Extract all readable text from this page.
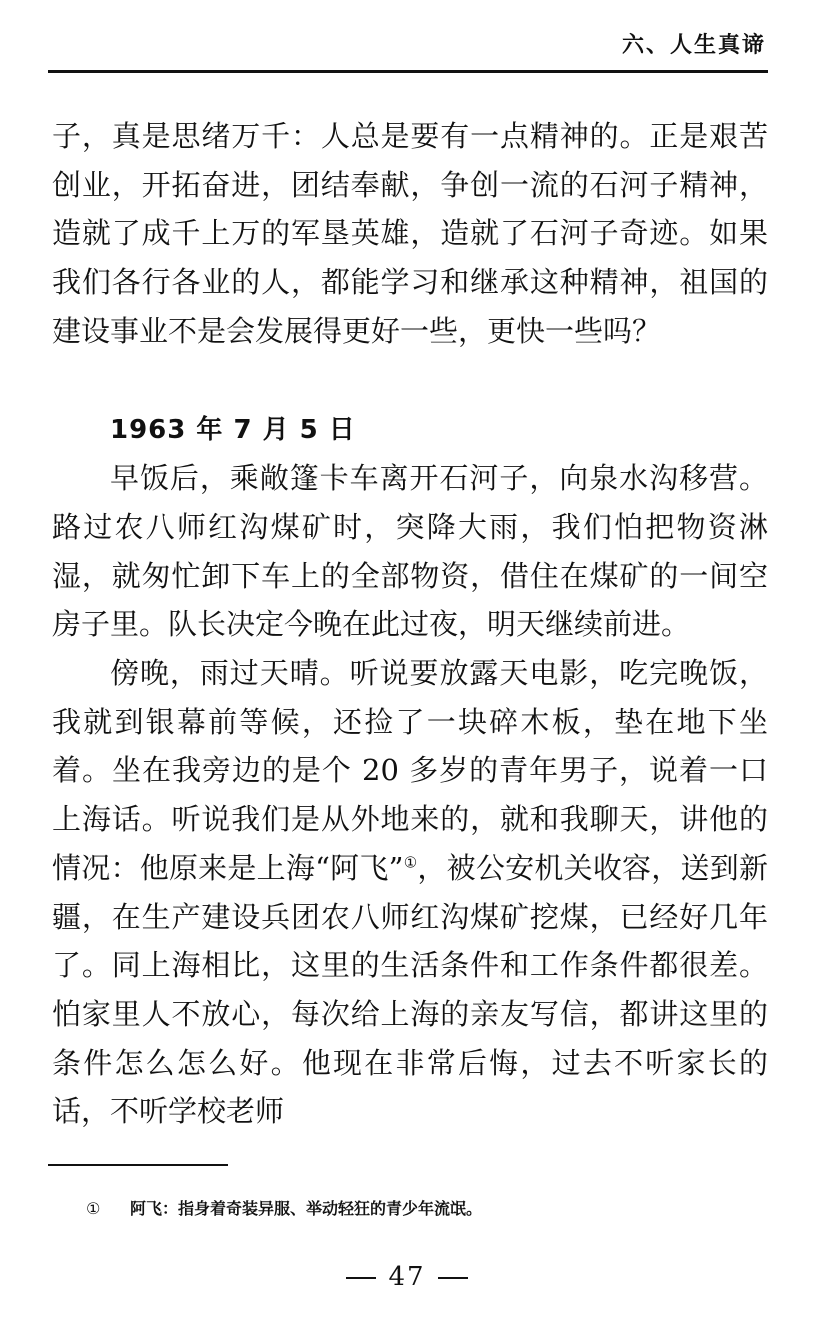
六、人生真谛

子，真是思绪万千：人总是要有一点精神的。正是艰苦创业，开拓奋进，团结奉献，争创一流的石河子精神，造就了成千上万的军垦英雄，造就了石河子奇迹。如果我们各行各业的人，都能学习和继承这种精神，祖国的建设事业不是会发展得更好一些，更快一些吗？

1963 年 7 月 5 日

早饭后，乘敞篷卡车离开石河子，向泉水沟移营。路过农八师红沟煤矿时，突降大雨，我们怕把物资淋湿，就匆忙卸下车上的全部物资，借住在煤矿的一间空房子里。队长决定今晚在此过夜，明天继续前进。

傍晚，雨过天晴。听说要放露天电影，吃完晚饭，我就到银幕前等候，还捡了一块碎木板，垫在地下坐着。坐在我旁边的是个 20 多岁的青年男子，说着一口上海话。听说我们是从外地来的，就和我聊天，讲他的情况：他原来是上海“阿飞”①，被公安机关收容，送到新疆，在生产建设兵团农八师红沟煤矿挖煤，已经好几年了。同上海相比，这里的生活条件和工作条件都很差。怕家里人不放心，每次给上海的亲友写信，都讲这里的条件怎么怎么好。他现在非常后悔，过去不听家长的话，不听学校老师

① 阿飞：指身着奇装异服、举动轻狂的青少年流氓。
47
